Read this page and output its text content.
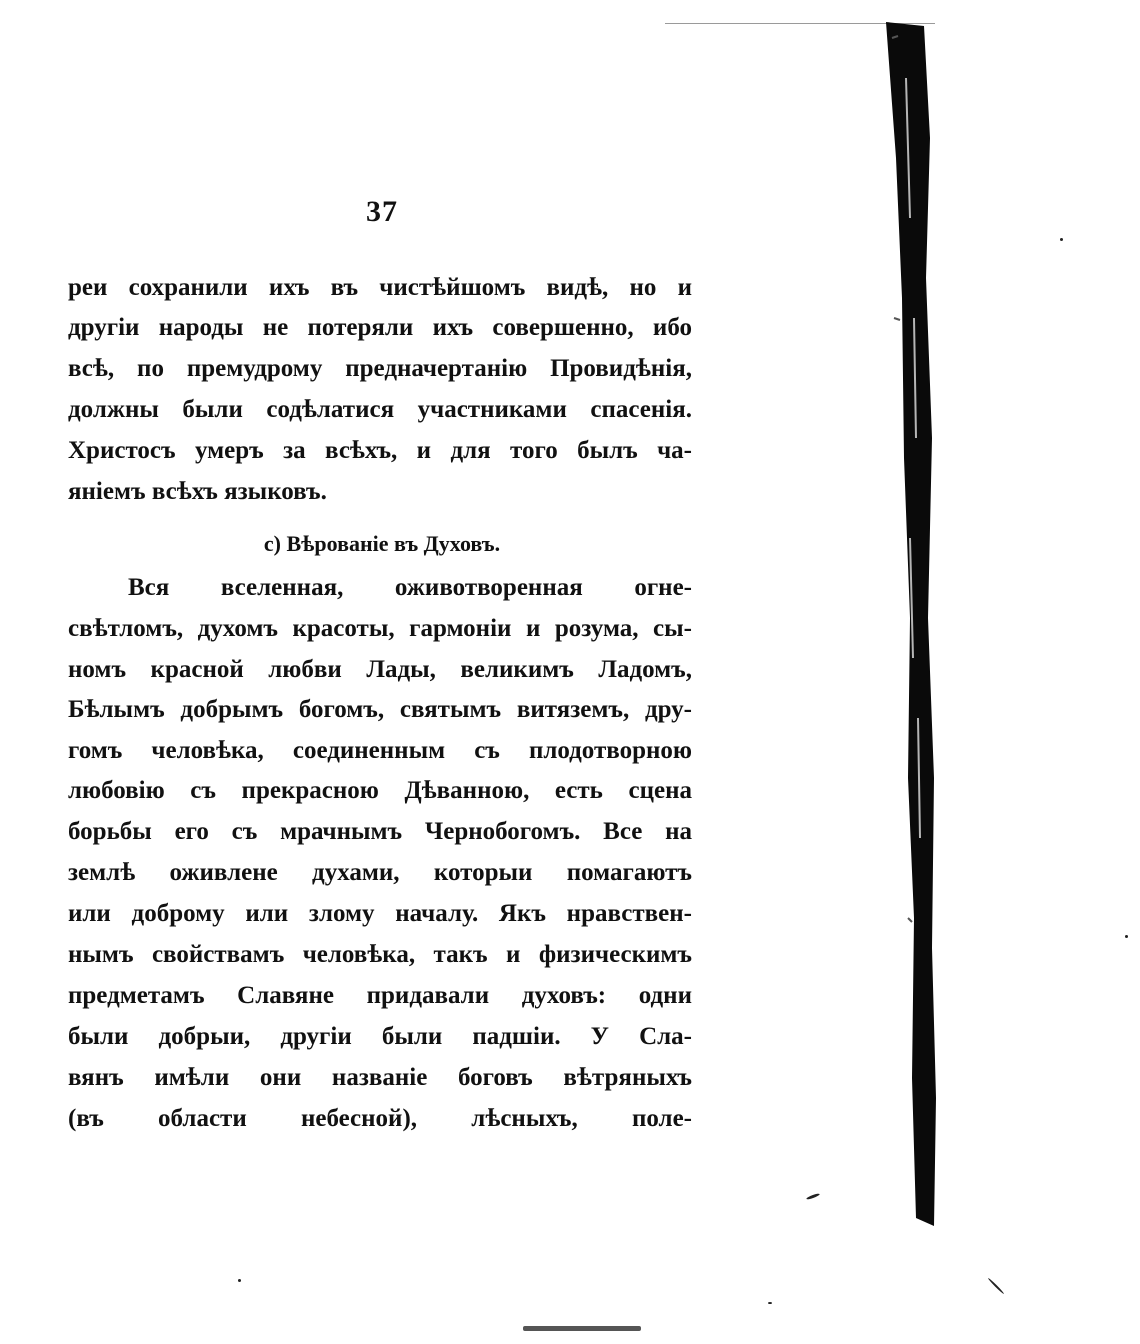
37
реи сохранили ихъ въ чистѣйшомъ видѣ, но и
другiи народы не потеряли ихъ совершенно, ибо
всѣ, по премудрому предначертанiю Провидѣнiя,
должны были содѣлатися участниками спасенiя.
Христосъ умеръ за всѣхъ, и для того былъ ча-
янiемъ всѣхъ языковъ.
c) Вѣрованiе въ Духовъ.
Вся вселенная, оживотворенная огне-
свѣтломъ, духомъ красоты, гармонiи и розума, сы-
номъ красной любви Лады, великимъ Ладомъ,
Бѣлымъ добрымъ богомъ, святымъ витяземъ, дру-
гомъ человѣка, соединенным съ плодотворною
любовiю съ прекрасною Дѣванною, есть сцена
борьбы его съ мрачнымъ Чернобогомъ. Все на
землѣ оживлене духами, которыи помагаютъ
или доброму или злому началу. Якъ нравствен-
нымъ свойствамъ человѣка, такъ и физическимъ
предметамъ Славяне придавали духовъ: одни
были добрыи, другiи были падшiи. У Сла-
вянъ имѣли они названiе боговъ вѣтряныхъ
(въ области небесной), лѣсныхъ, поле-
